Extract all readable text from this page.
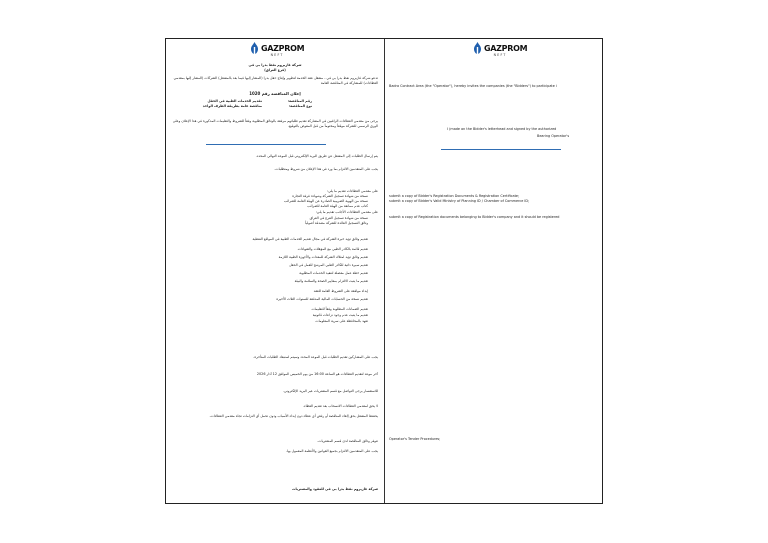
GAZPROM
NEFT
شركة غازبروم نفط بدرا بي في
(فرع العراق)
تدعو شركة غازبروم نفط بدرا بي في - مشغل عقد الخدمة لتطوير وإنتاج حقل بدرا (المشار إليها فيما بعد بالمشغل) الشركات (المشار إليها بمقدمي العطاءات) للمشاركة في المناقصة العامة
إعلان المناقصة رقم 1020
رقم المناقصة:
تقديم الخدمات الطبية في الحقل
نوع المناقصة:
مناقصة عامة بطريقة الظرف الواحد
يرجى من مقدمي العطاءات الراغبين في المشاركة تقديم طلباتهم مرفقة بالوثائق المطلوبة وفقاً للشروط والتعليمات المذكورة في هذا الإعلان وعلى الورق الرسمي للشركة موقعاً ومختوماً من قبل المفوض بالتوقيع.
يتم إرسال الطلبات إلى المشغل عن طريق البريد الإلكتروني قبل الموعد النهائي المحدد.
يجب على المتقدمين الالتزام بما ورد في هذا الإعلان من شروط ومتطلبات.
على مقدمي العطاءات تقديم ما يلي:
نسخة من شهادة تسجيل الشركة وشهادة غرفة التجارة
نسخة من الهوية الضريبية الصادرة عن الهيئة العامة للضرائب
كتاب عدم ممانعة من الهيئة العامة للضرائب
على مقدمي العطاءات الأجانب تقديم ما يلي:
نسخة من شهادة تسجيل الفرع في العراق
وثائق التسجيل العائدة للشركة مصدقة أصولياً
تقديم وثائق تؤيد خبرة الشركة في مجال تقديم الخدمات الطبية في المواقع النفطية
تقديم قائمة بالكادر الطبي مع المؤهلات والشهادات
تقديم وثائق تؤيد امتلاك الشركة للمعدات والأجهزة الطبية اللازمة
تقديم سيرة ذاتية للكادر الطبي المرشح للعمل في الحقل
تقديم خطة عمل مفصلة لتنفيذ الخدمات المطلوبة
تقديم ما يثبت الالتزام بمعايير الصحة والسلامة والبيئة
إبداء موافقة على الشروط العامة للعقد
تقديم نسخة من الحسابات المالية المدققة للسنوات الثلاث الأخيرة
تقديم الضمانات المطلوبة وفقاً للتعليمات
تقديم ما يثبت عدم وجود نزاعات قانونية
تعهد بالمحافظة على سرية المعلومات
يجب على المشاركين تقديم الطلبات قبل الموعد المحدد وسيتم استبعاد الطلبات المتأخرة.
آخر موعد لتقديم العطاءات هو الساعة 16:00 من يوم الخميس الموافق 12 آذار 2026
للاستفسار يرجى التواصل مع قسم المشتريات عبر البريد الإلكتروني.
لا يحق لمقدمي العطاءات الانسحاب بعد تقديم العطاء.
يحتفظ المشغل بحق إلغاء المناقصة أو رفض أي عطاء دون إبداء الأسباب ودون تحمل أي التزامات تجاه مقدمي العطاءات.
تتوفر وثائق المناقصة لدى قسم المشتريات.
يجب على المتقدمين الالتزام بجميع القوانين والأنظمة المعمول بها.
شركة غازبروم نفط بدرا بي في للعقود والمشتريات
GAZPROM
NEFT
Badra Contract Area (the "Operator"), hereby invites the companies (the "Bidders") to participate i
I (made on the Bidder's letterhead and signed by the authorized
Bearing Operator's
submit a copy of Bidder's Registration Documents & Registration Certificate;
submit a copy of Bidder's Valid Ministry of Planning ID / Chamber of Commerce ID;
submit a copy of Registration documents belonging to Bidder's company and it should be registered
Operator's Tender Procedures;
